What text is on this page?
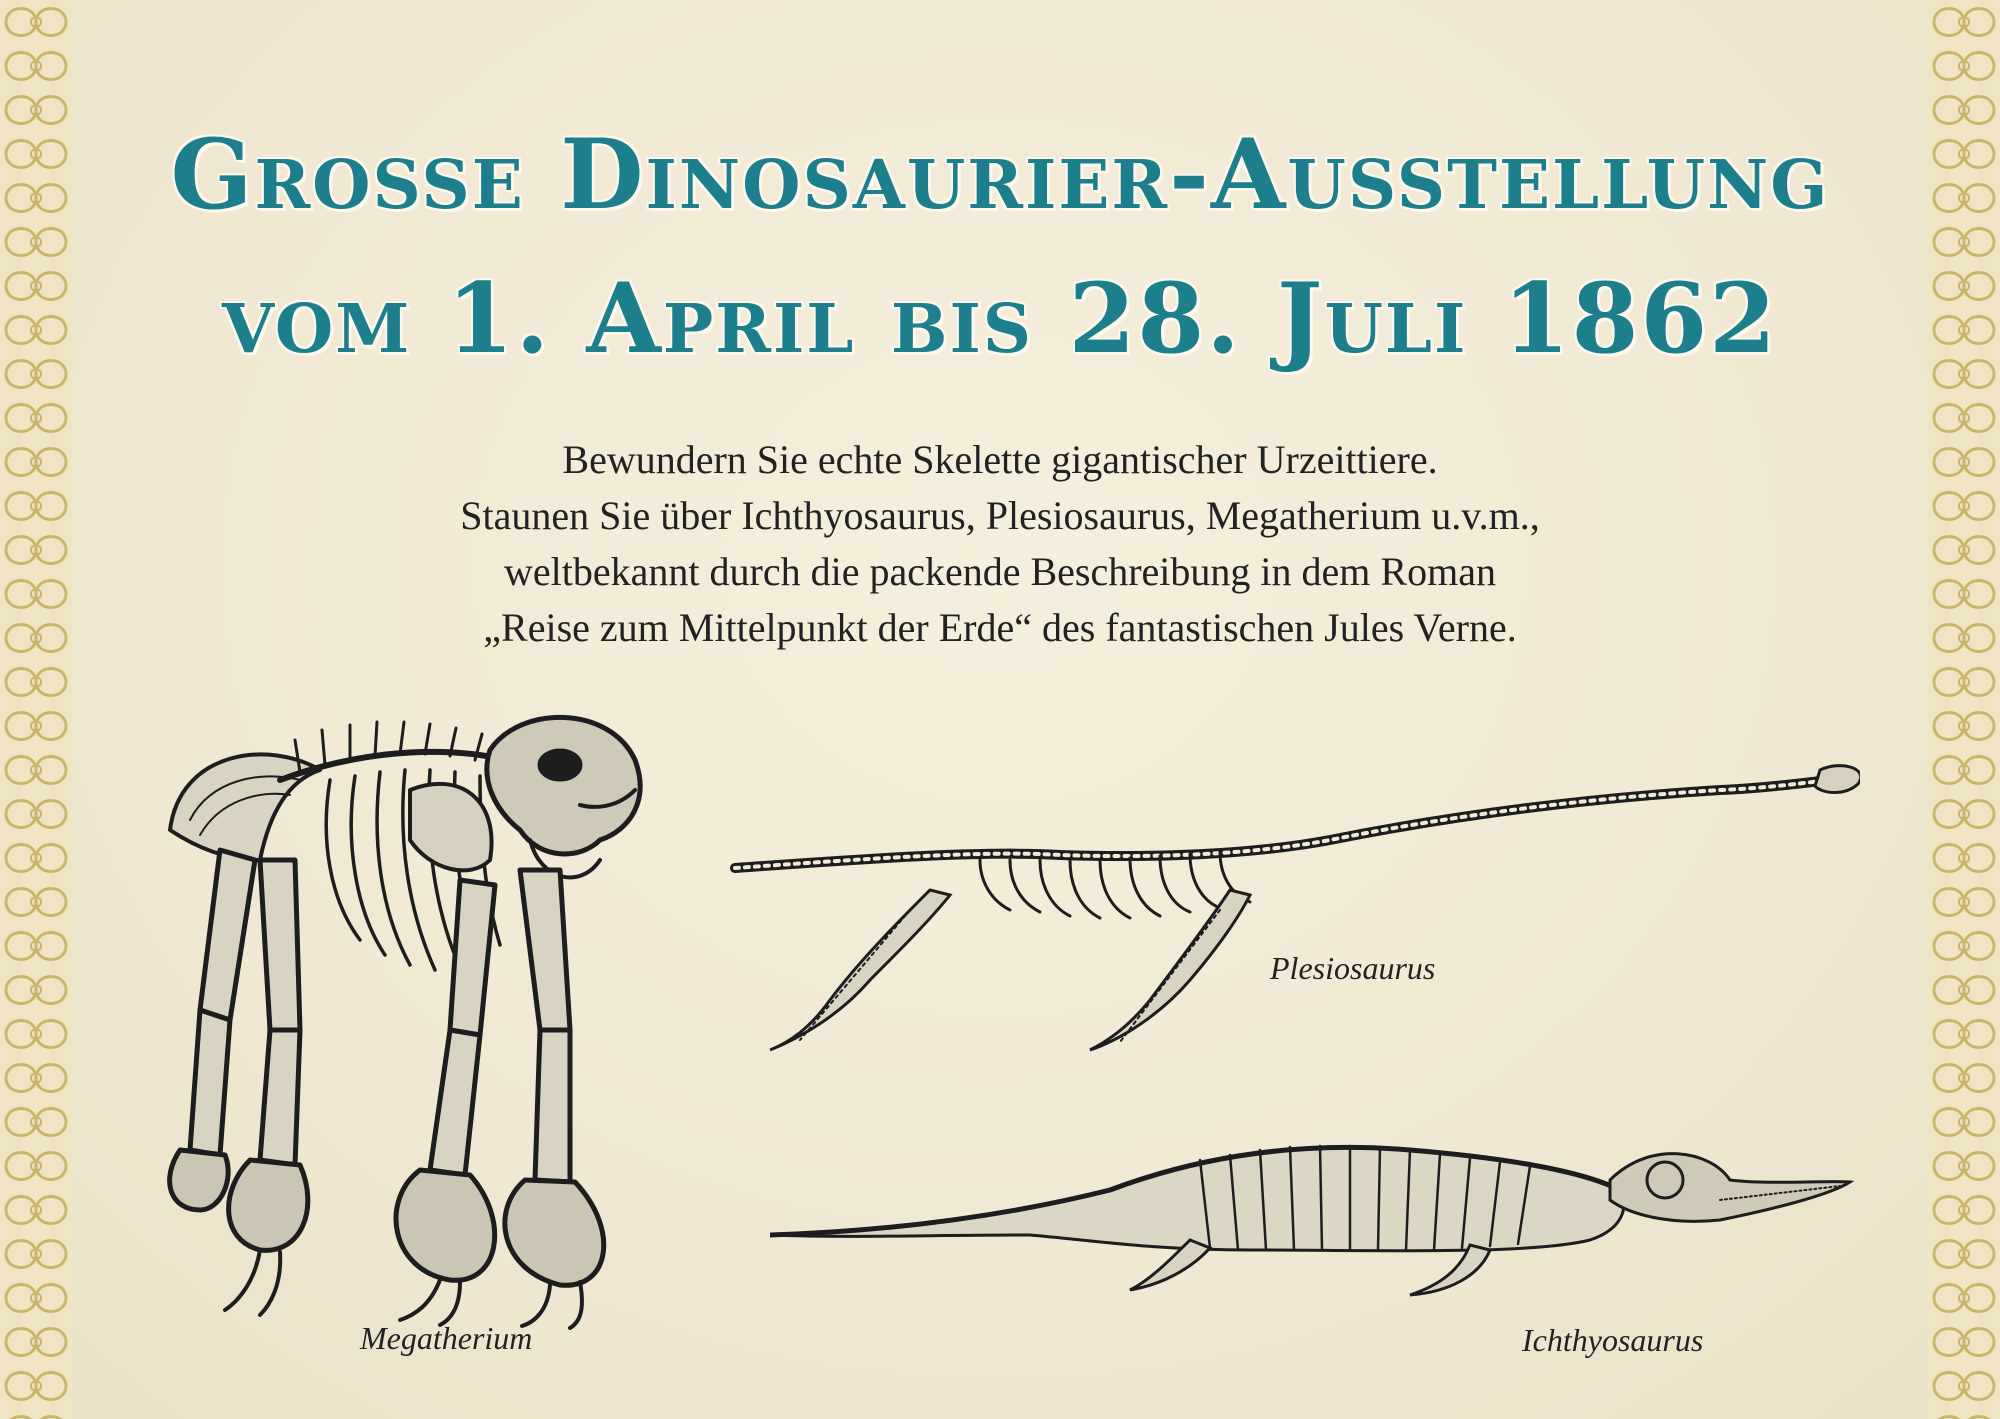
Grosse Dinosaurier-Ausstellung
vom 1. April bis 28. Juli 1862
Bewundern Sie echte Skelette gigantischer Urzeittiere.
Staunen Sie über Ichthyosaurus, Plesiosaurus, Megatherium u.v.m.,
weltbekannt durch die packende Beschreibung in dem Roman
„Reise zum Mittelpunkt der Erde“ des fantastischen Jules Verne.
Megatherium
Plesiosaurus
Ichthyosaurus
